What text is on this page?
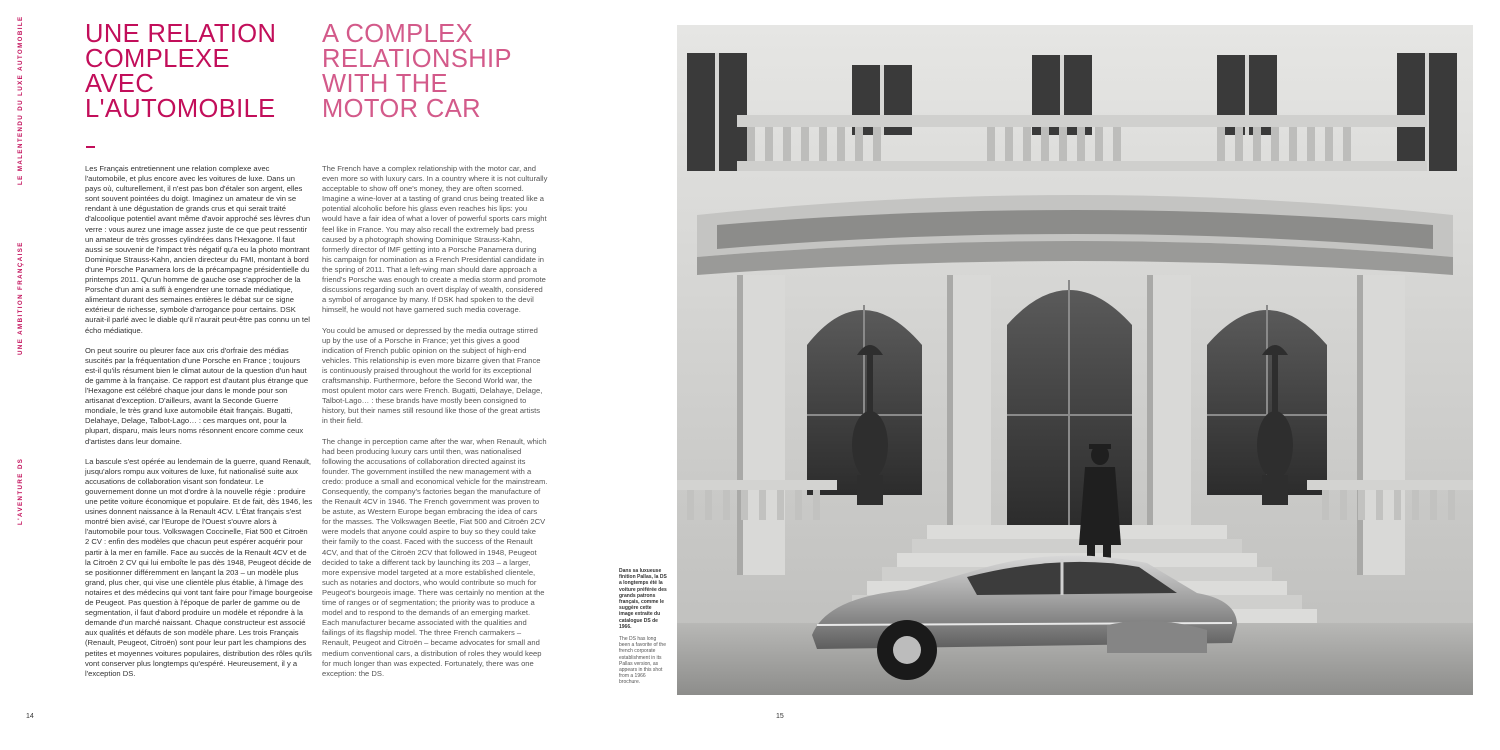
LE MALENTENDU DU LUXE AUTOMOBILE
UNE AMBITION FRANÇAISE
L'AVENTURE DS
UNE RELATION
COMPLEXE
AVEC
L'AUTOMOBILE
A COMPLEX
RELATIONSHIP
WITH THE
MOTOR CAR

Les Français entretiennent une relation complexe avec l'automobile, et plus encore avec les voitures de luxe. Dans un pays où, culturellement, il n'est pas bon d'étaler son argent, elles sont souvent pointées du doigt. Imaginez un amateur de vin se rendant à une dégustation de grands crus et qui serait traité d'alcoolique potentiel avant même d'avoir approché ses lèvres d'un verre : vous aurez une image assez juste de ce que peut ressentir un amateur de très grosses cylindrées dans l'Hexagone. Il faut aussi se souvenir de l'impact très négatif qu'a eu la photo montrant Dominique Strauss-Kahn, ancien directeur du FMI, montant à bord d'une Porsche Panamera lors de la précampagne présidentielle du printemps 2011. Qu'un homme de gauche ose s'approcher de la Porsche d'un ami a suffi à engendrer une tornade médiatique, alimentant durant des semaines entières le débat sur ce signe extérieur de richesse, symbole d'arrogance pour certains. DSK aurait-il parlé avec le diable qu'il n'aurait peut-être pas connu un tel écho médiatique.

On peut sourire ou pleurer face aux cris d'orfraie des médias suscités par la fréquentation d'une Porsche en France ; toujours est-il qu'ils résument bien le climat autour de la question d'un haut de gamme à la française. Ce rapport est d'autant plus étrange que l'Hexagone est célébré chaque jour dans le monde pour son artisanat d'exception. D'ailleurs, avant la Seconde Guerre mondiale, le très grand luxe automobile était français. Bugatti, Delahaye, Delage, Talbot-Lago… : ces marques ont, pour la plupart, disparu, mais leurs noms résonnent encore comme ceux d'artistes dans leur domaine.

La bascule s'est opérée au lendemain de la guerre, quand Renault, jusqu'alors rompu aux voitures de luxe, fut nationalisé suite aux accusations de collaboration visant son fondateur. Le gouvernement donne un mot d'ordre à la nouvelle régie : produire une petite voiture économique et populaire. Et de fait, dès 1946, les usines donnent naissance à la Renault 4CV. L'État français s'est montré bien avisé, car l'Europe de l'Ouest s'ouvre alors à l'automobile pour tous. Volkswagen Coccinelle, Fiat 500 et Citroën 2 CV : enfin des modèles que chacun peut espérer acquérir pour partir à la mer en famille. Face au succès de la Renault 4CV et de la Citroën 2 CV qui lui emboîte le pas dès 1948, Peugeot décide de se positionner différemment en lançant la 203 – un modèle plus grand, plus cher, qui vise une clientèle plus établie, à l'image des notaires et des médecins qui vont tant faire pour l'image bourgeoise de Peugeot. Pas question à l'époque de parler de gamme ou de segmentation, il faut d'abord produire un modèle et répondre à la demande d'un marché naissant. Chaque constructeur est associé aux qualités et défauts de son modèle phare. Les trois Français (Renault, Peugeot, Citroën) sont pour leur part les champions des petites et moyennes voitures populaires, distribution des rôles qu'ils vont conserver plus longtemps qu'espéré. Heureusement, il y a l'exception DS.

The French have a complex relationship with the motor car, and even more so with luxury cars. In a country where it is not culturally acceptable to show off one's money, they are often scorned. Imagine a wine-lover at a tasting of grand crus being treated like a potential alcoholic before his glass even reaches his lips: you would have a fair idea of what a lover of powerful sports cars might feel like in France. You may also recall the extremely bad press caused by a photograph showing Dominique Strauss-Kahn, formerly director of IMF getting into a Porsche Panamera during his campaign for nomination as a French Presidential candidate in the spring of 2011. That a left-wing man should dare approach a friend's Porsche was enough to create a media storm and promote discussions regarding such an overt display of wealth, considered a symbol of arrogance by many. If DSK had spoken to the devil himself, he would not have garnered such media coverage.

You could be amused or depressed by the media outrage stirred up by the use of a Porsche in France; yet this gives a good indication of French public opinion on the subject of high-end vehicles. This relationship is even more bizarre given that France is continuously praised throughout the world for its exceptional craftsmanship. Furthermore, before the Second World war, the most opulent motor cars were French. Bugatti, Delahaye, Delage, Talbot-Lago… : these brands have mostly been consigned to history, but their names still resound like those of the great artists in their field.

The change in perception came after the war, when Renault, which had been producing luxury cars until then, was nationalised following the accusations of collaboration directed against its founder. The government instilled the new management with a credo: produce a small and economical vehicle for the mainstream. Consequently, the company's factories began the manufacture of the Renault 4CV in 1946. The French government was proven to be astute, as Western Europe began embracing the idea of cars for the masses. The Volkswagen Beetle, Fiat 500 and Citroën 2CV were models that anyone could aspire to buy so they could take their family to the coast. Faced with the success of the Renault 4CV, and that of the Citroën 2CV that followed in 1948, Peugeot decided to take a different tack by launching its 203 – a larger, more expensive model targeted at a more established clientele, such as notaries and doctors, who would contribute so much for Peugeot's bourgeois image. There was certainly no mention at the time of ranges or of segmentation; the priority was to produce a model and to respond to the demands of an emerging market. Each manufacturer became associated with the qualities and failings of its flagship model. The three French carmakers – Renault, Peugeot and Citroën – became advocates for small and medium conventional cars, a distribution of roles they would keep for much longer than was expected. Fortunately, there was one exception: the DS.

Dans sa luxueuse finition Pallas, la DS a longtemps été la voiture préférée des grands patrons français, comme le suggère cette image extraite du catalogue DS de 1966.
The DS has long been a favorite of the french corporate establishment in its Pallas version, as appears in this shot from a 1966 brochure.
14	15
